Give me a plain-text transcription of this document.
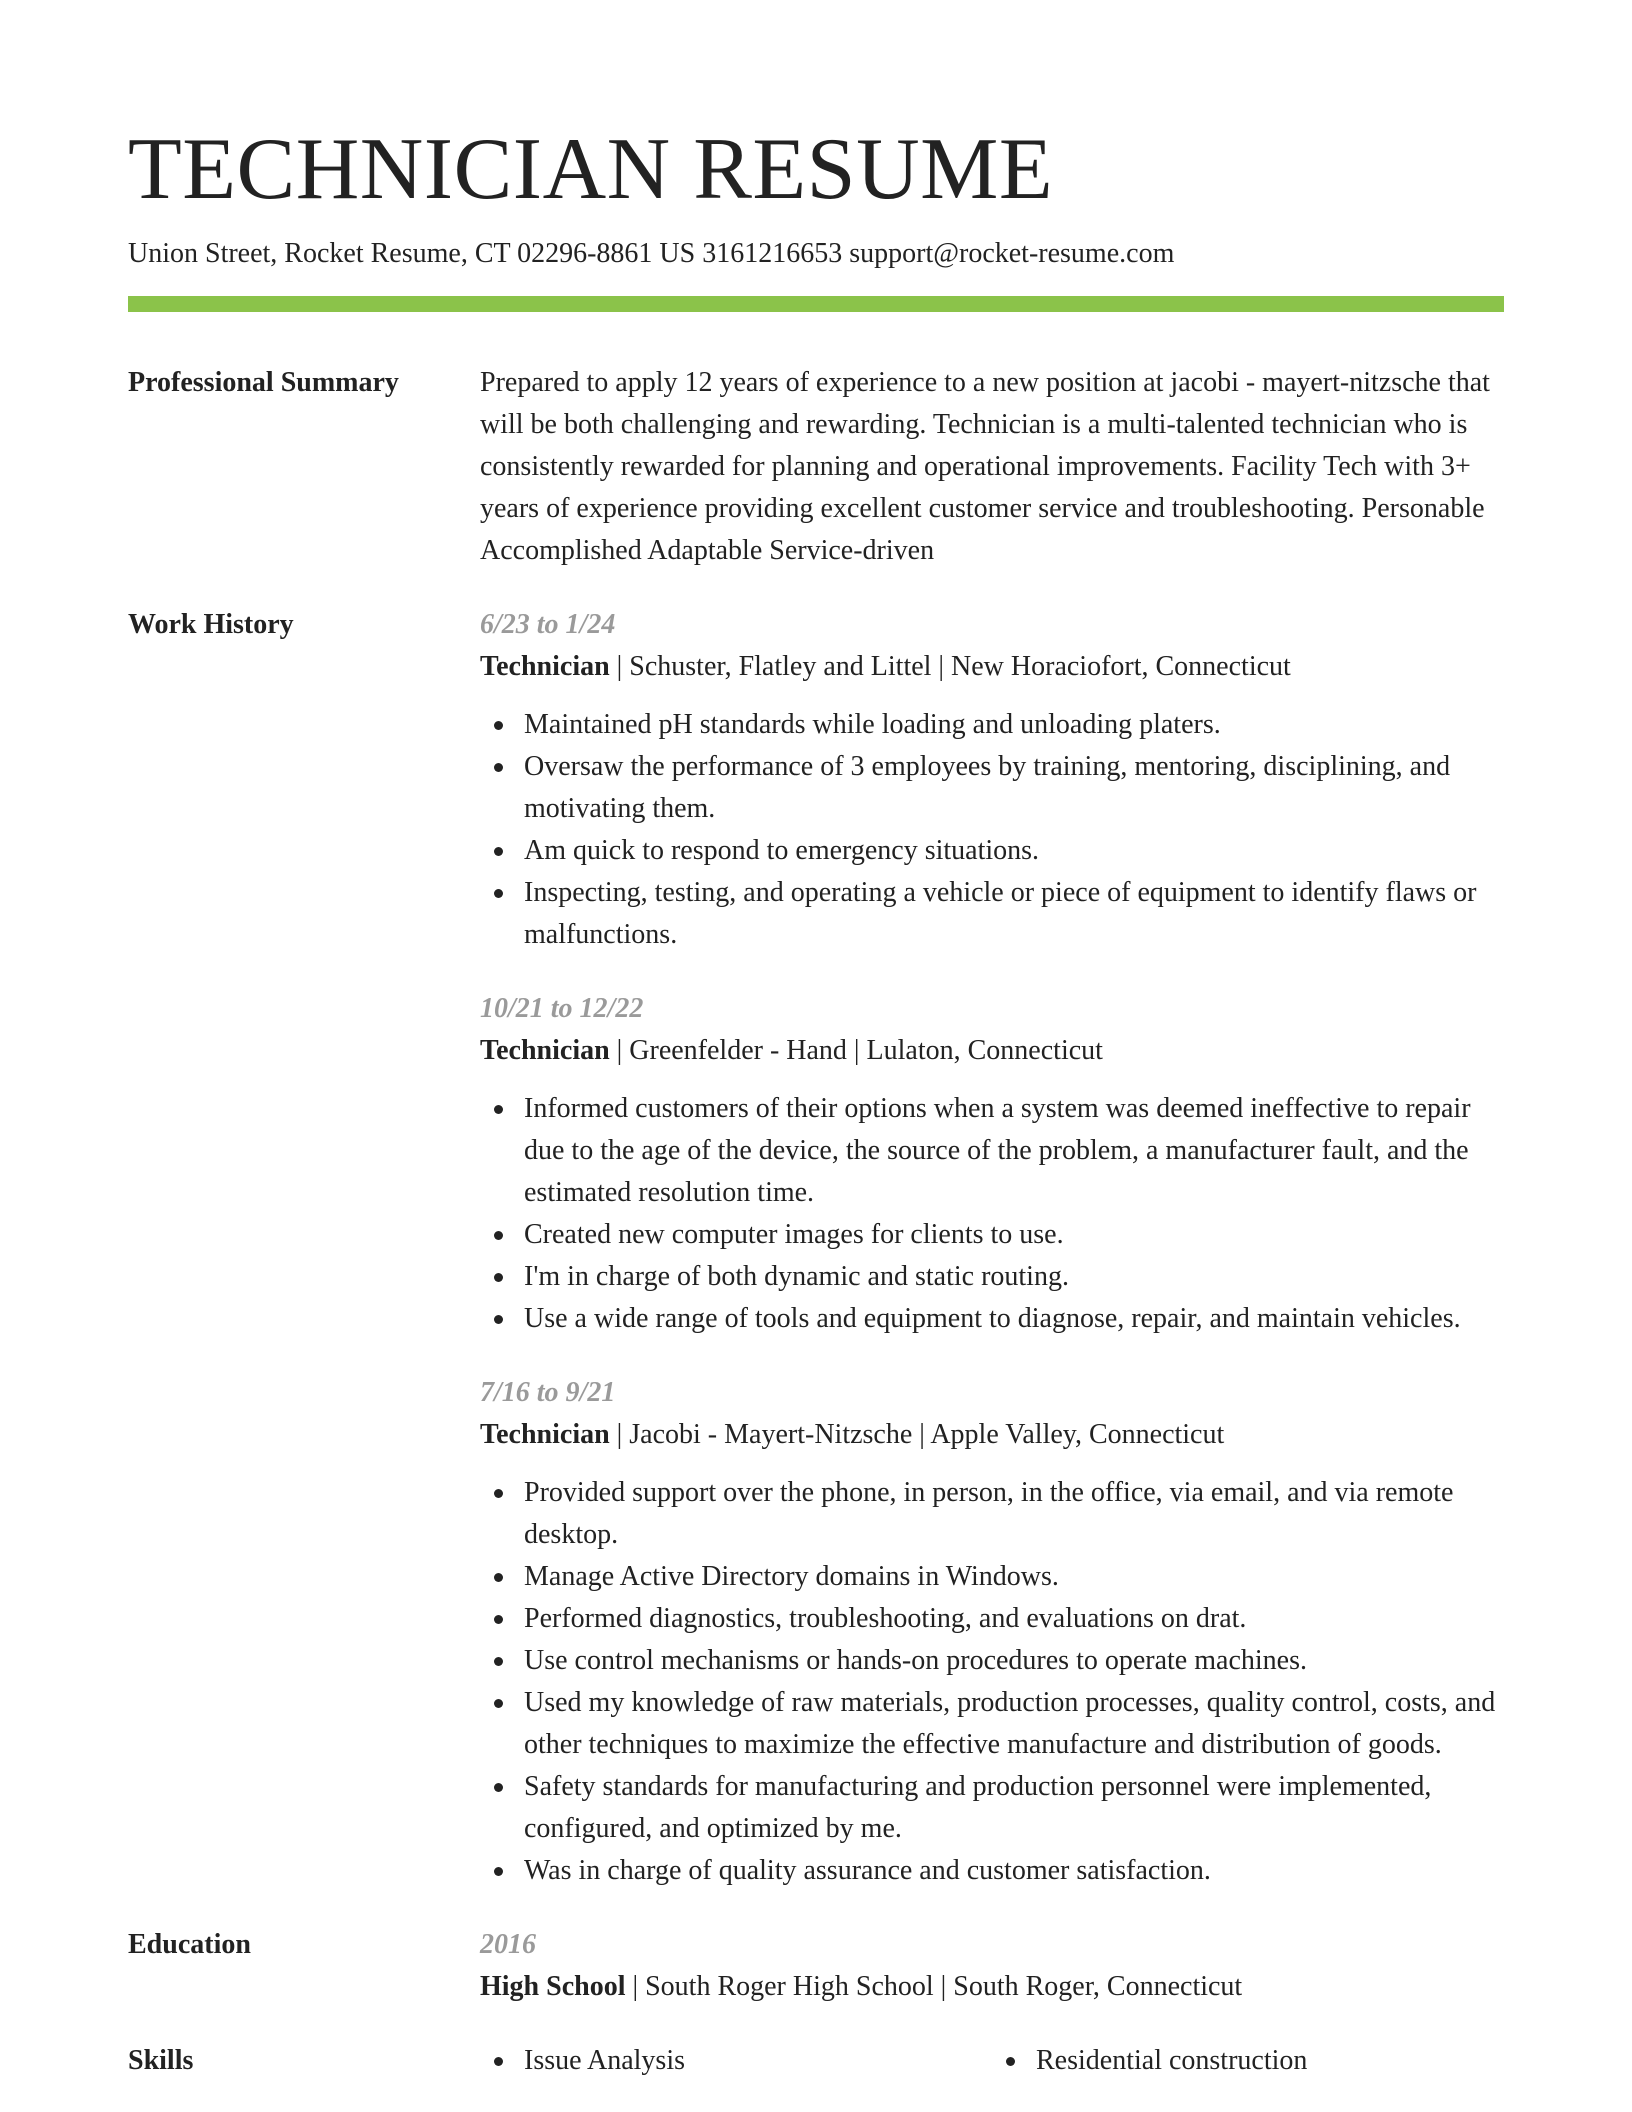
TECHNICIAN RESUME
Union Street, Rocket Resume, CT 02296-8861 US 3161216653 support@rocket-resume.com
Professional Summary	Prepared to apply 12 years of experience to a new position at jacobi - mayert-nitzsche that will be both challenging and rewarding. Technician is a multi-talented technician who is consistently rewarded for planning and operational improvements. Facility Tech with 3+ years of experience providing excellent customer service and troubleshooting. Personable Accomplished Adaptable Service-driven
Work History	6/23 to 1/24
Technician | Schuster, Flatley and Littel | New Horaciofort, Connecticut
Maintained pH standards while loading and unloading platers.
Oversaw the performance of 3 employees by training, mentoring, disciplining, and motivating them.
Am quick to respond to emergency situations.
Inspecting, testing, and operating a vehicle or piece of equipment to identify flaws or malfunctions.
10/21 to 12/22
Technician | Greenfelder - Hand | Lulaton, Connecticut
Informed customers of their options when a system was deemed ineffective to repair due to the age of the device, the source of the problem, a manufacturer fault, and the estimated resolution time.
Created new computer images for clients to use.
I'm in charge of both dynamic and static routing.
Use a wide range of tools and equipment to diagnose, repair, and maintain vehicles.
7/16 to 9/21
Technician | Jacobi - Mayert-Nitzsche | Apple Valley, Connecticut
Provided support over the phone, in person, in the office, via email, and via remote desktop.
Manage Active Directory domains in Windows.
Performed diagnostics, troubleshooting, and evaluations on drat.
Use control mechanisms or hands-on procedures to operate machines.
Used my knowledge of raw materials, production processes, quality control, costs, and other techniques to maximize the effective manufacture and distribution of goods.
Safety standards for manufacturing and production personnel were implemented, configured, and optimized by me.
Was in charge of quality assurance and customer satisfaction.
Education	2016
High School | South Roger High School | South Roger, Connecticut
Skills	Issue Analysis	Residential construction
